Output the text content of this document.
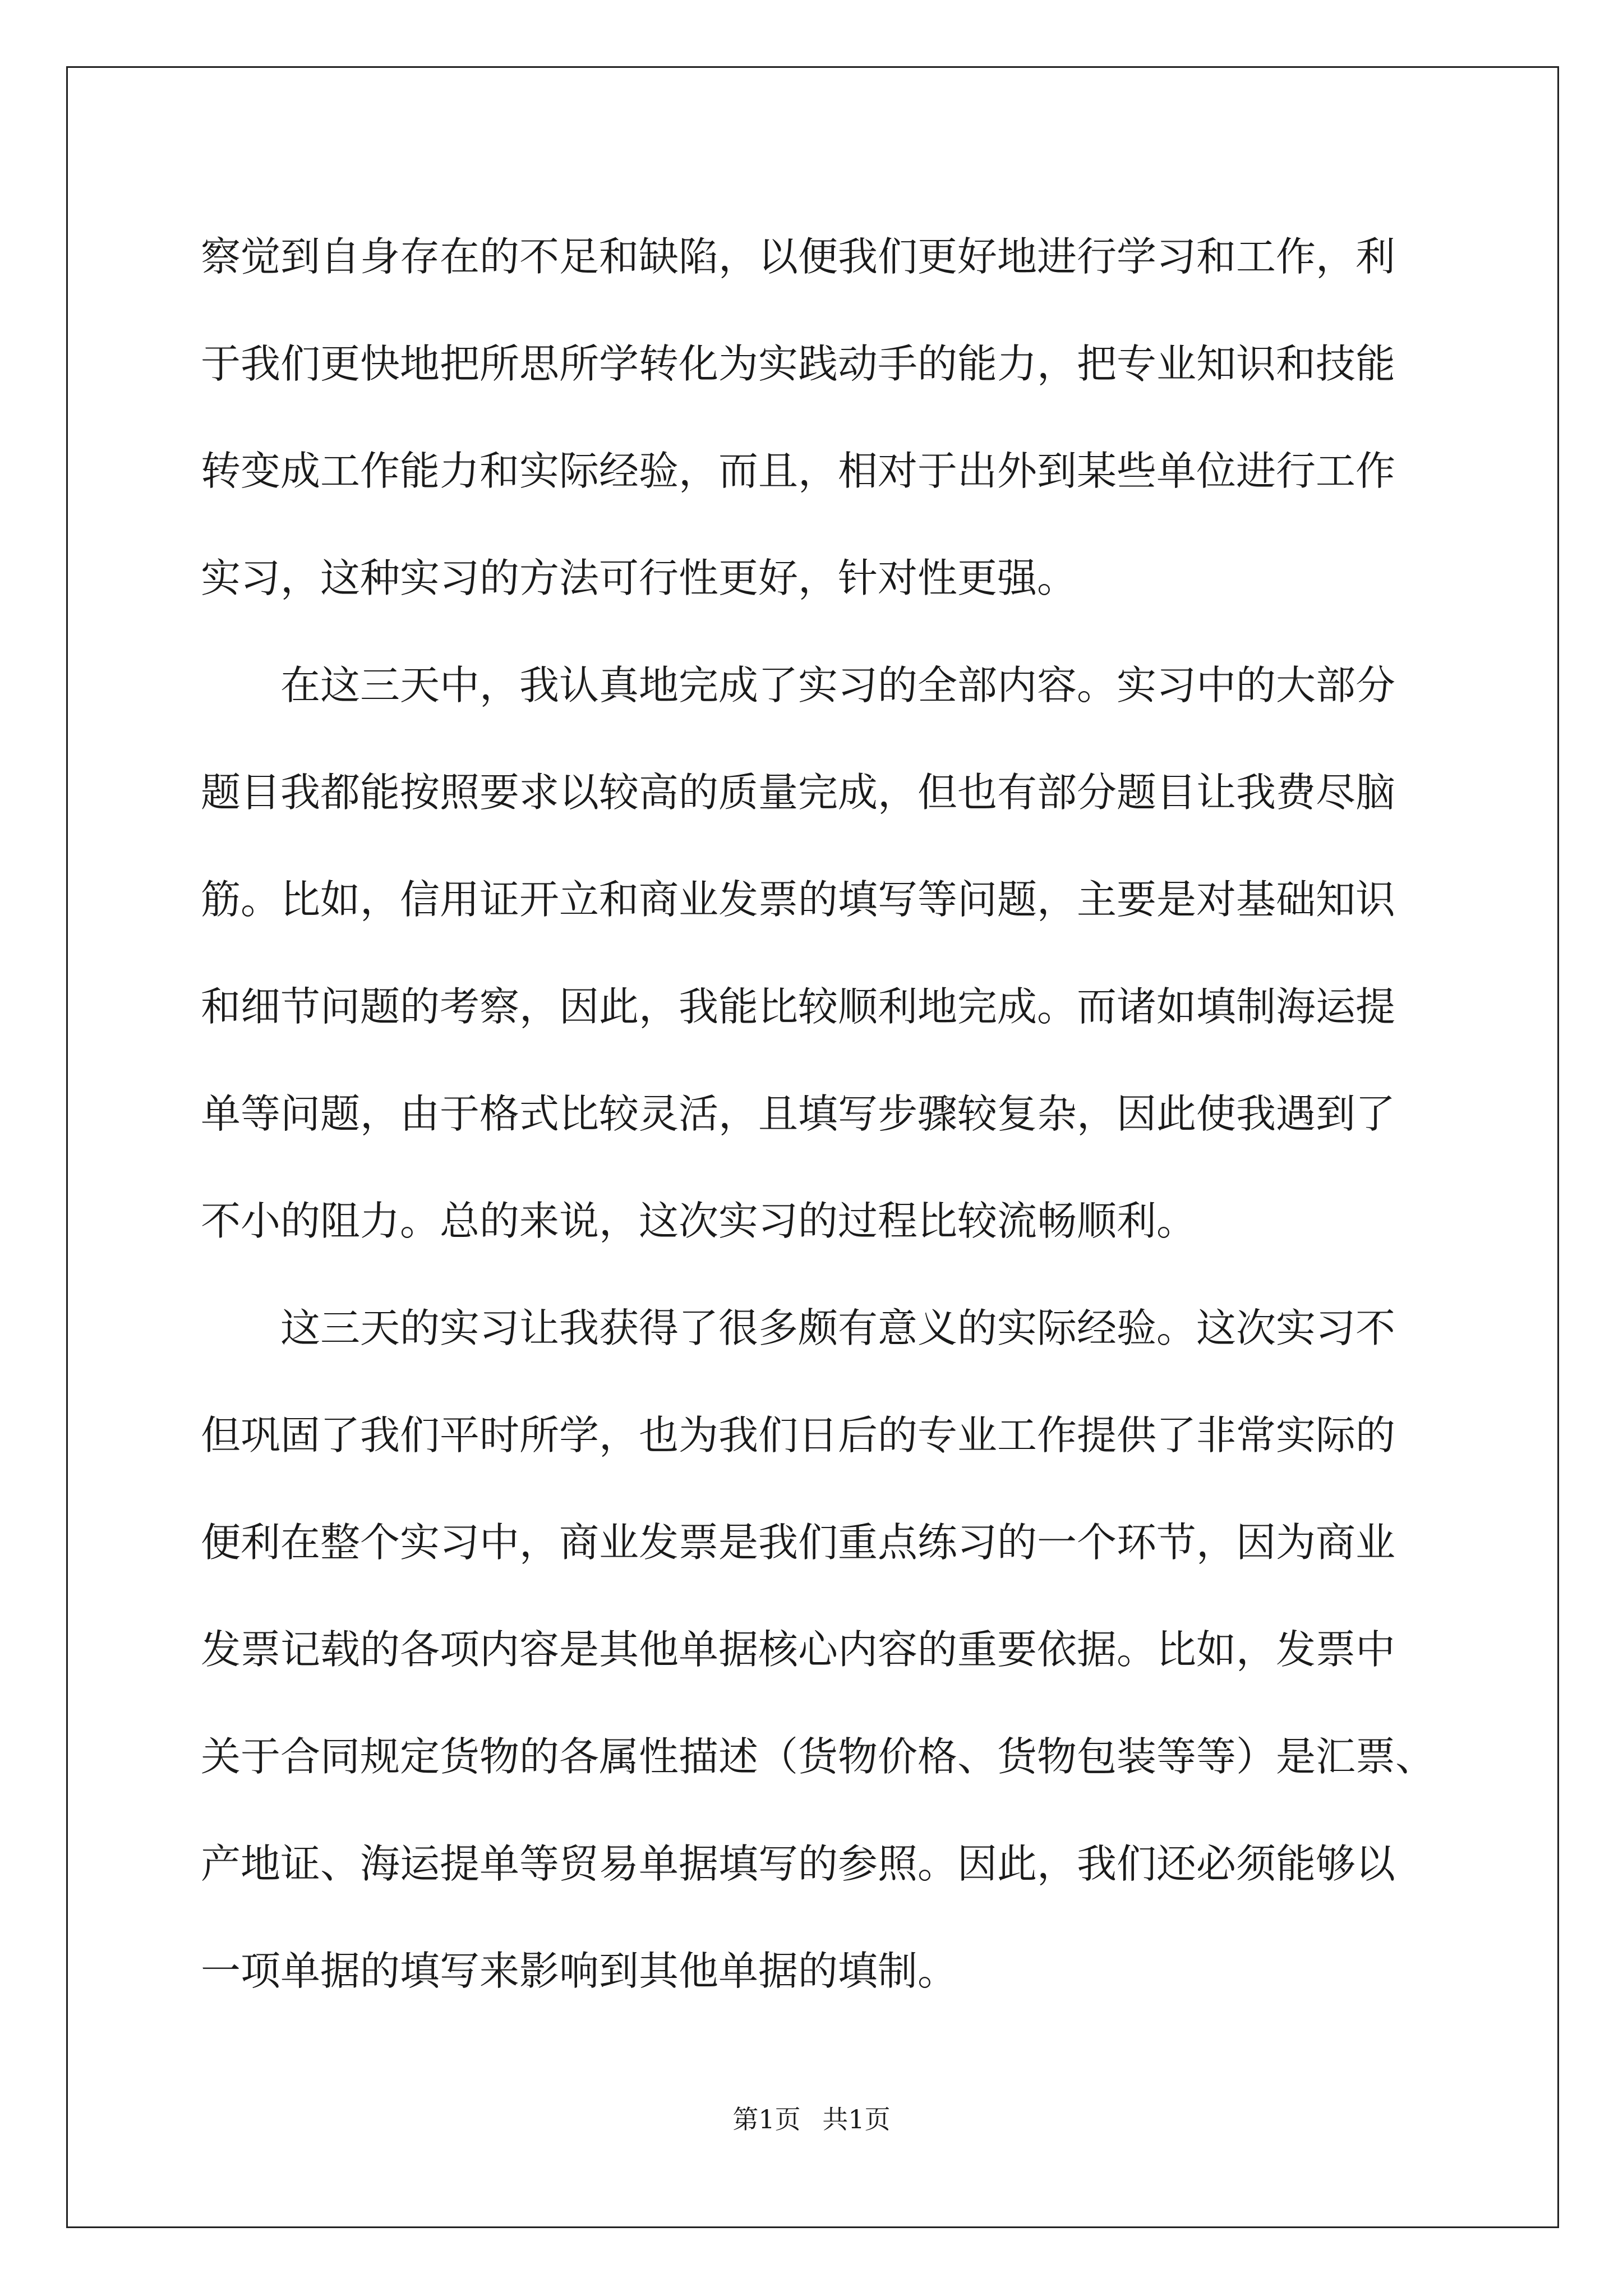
察觉到自身存在的不足和缺陷，以便我们更好地进行学习和工作，利
于我们更快地把所思所学转化为实践动手的能力，把专业知识和技能
转变成工作能力和实际经验，而且，相对于出外到某些单位进行工作
实习，这种实习的方法可行性更好，针对性更强。
　　在这三天中，我认真地完成了实习的全部内容。实习中的大部分
题目我都能按照要求以较高的质量完成，但也有部分题目让我费尽脑
筋。比如，信用证开立和商业发票的填写等问题，主要是对基础知识
和细节问题的考察，因此，我能比较顺利地完成。而诸如填制海运提
单等问题，由于格式比较灵活，且填写步骤较复杂，因此使我遇到了
不小的阻力。总的来说，这次实习的过程比较流畅顺利。
　　这三天的实习让我获得了很多颇有意义的实际经验。这次实习不
但巩固了我们平时所学，也为我们日后的专业工作提供了非常实际的
便利在整个实习中，商业发票是我们重点练习的一个环节，因为商业
发票记载的各项内容是其他单据核心内容的重要依据。比如，发票中
关于合同规定货物的各属性描述（货物价格、货物包装等等）是汇票、
产地证、海运提单等贸易单据填写的参照。因此，我们还必须能够以
一项单据的填写来影响到其他单据的填制。
第1页 共1页
